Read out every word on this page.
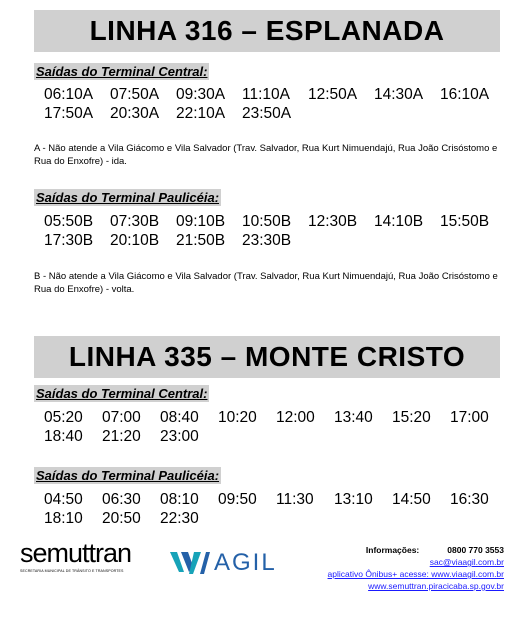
LINHA 316 – ESPLANADA
Saídas do Terminal Central:
06:10A	07:50A	09:30A	11:10A	12:50A	14:30A	16:10A
17:50A	20:30A	22:10A	23:50A
A - Não atende a Vila Giácomo e Vila Salvador (Trav. Salvador, Rua Kurt Nimuendajú, Rua João Crisóstomo e Rua do Enxofre) - ida.
Saídas do Terminal Paulicéia:
05:50B	07:30B	09:10B	10:50B	12:30B	14:10B	15:50B
17:30B	20:10B	21:50B	23:30B
B - Não atende a Vila Giácomo e Vila Salvador (Trav. Salvador, Rua Kurt Nimuendajú, Rua João Crisóstomo e Rua do Enxofre) - volta.
LINHA 335 – MONTE CRISTO
Saídas do Terminal Central:
05:20	07:00	08:40	10:20	12:00	13:40	15:20	17:00
18:40	21:20	23:00
Saídas do Terminal Paulicéia:
04:50	06:30	08:10	09:50	11:30	13:10	14:50	16:30
18:10	20:50	22:30
semuttran
SECRETARIA MUNICIPAL DE TRÂNSITO E TRANSPORTES	AGIL	Informações:	0800 770 3553
sac@viaagil.com.br
aplicativo Ônibus+ acesse: www.viaagil.com.br
www.semuttran.piracicaba.sp.gov.br
